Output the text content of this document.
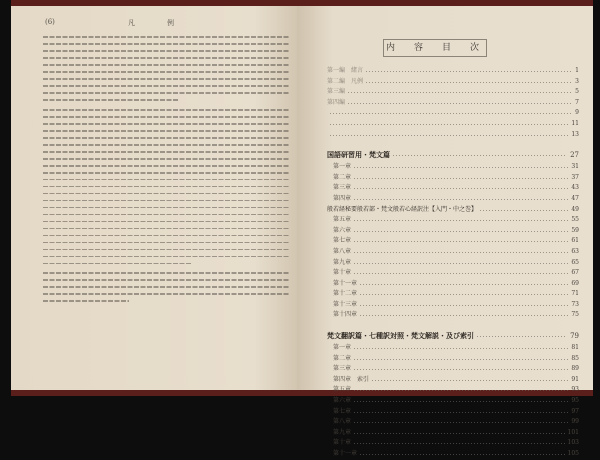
(6)	凡　　例
内　容　目　次
第一編　緒言	1
第二編　凡例	3
第三編	5
第四編	7
9
11
13
国語研習用・梵文篇	27
第一章	31
第二章	37
第三章	43
第四章	47
般若経秘要般若部・梵文般若心経訳注【入門・中之巻】	49
第五章	55
第六章	59
第七章	61
第八章	63
第九章	65
第十章	67
第十一章	69
第十二章	71
第十三章	73
第十四章	75
梵文翻訳篇・七種訳対照・梵文解説・及び索引	79
第一章	81
第二章	85
第三章	89
第四章　索引	91
第五章	93
第六章	95
第七章	97
第八章	99
第九章	101
第十章	103
第十一章	105
